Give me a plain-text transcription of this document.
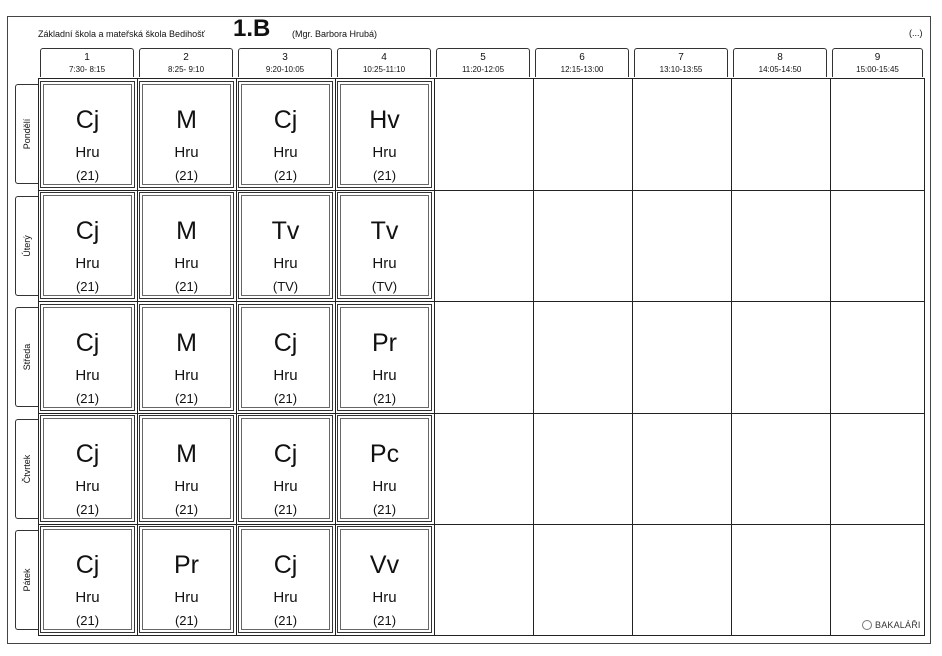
Základní škola a mateřská škola Bedihošť 1.B (Mgr. Barbora Hrubá)	(...)
1
7:30- 8:15
2
8:25- 9:10
3
9:20-10:05
4
10:25-11:10
5
11:20-12:05
6
12:15-13:00
7
13:10-13:55
8
14:05-14:50
9
15:00-15:45
Pondělí
Úterý
Středa
Čtvrtek
Pátek
Cj
Hru
(21)
M
Hru
(21)
Cj
Hru
(21)
Hv
Hru
(21)
Cj
Hru
(21)
M
Hru
(21)
Tv
Hru
(TV)
Tv
Hru
(TV)
Cj
Hru
(21)
M
Hru
(21)
Cj
Hru
(21)
Pr
Hru
(21)
Cj
Hru
(21)
M
Hru
(21)
Cj
Hru
(21)
Pc
Hru
(21)
Cj
Hru
(21)
Pr
Hru
(21)
Cj
Hru
(21)
Vv
Hru
(21)	BAKALÁŘI
